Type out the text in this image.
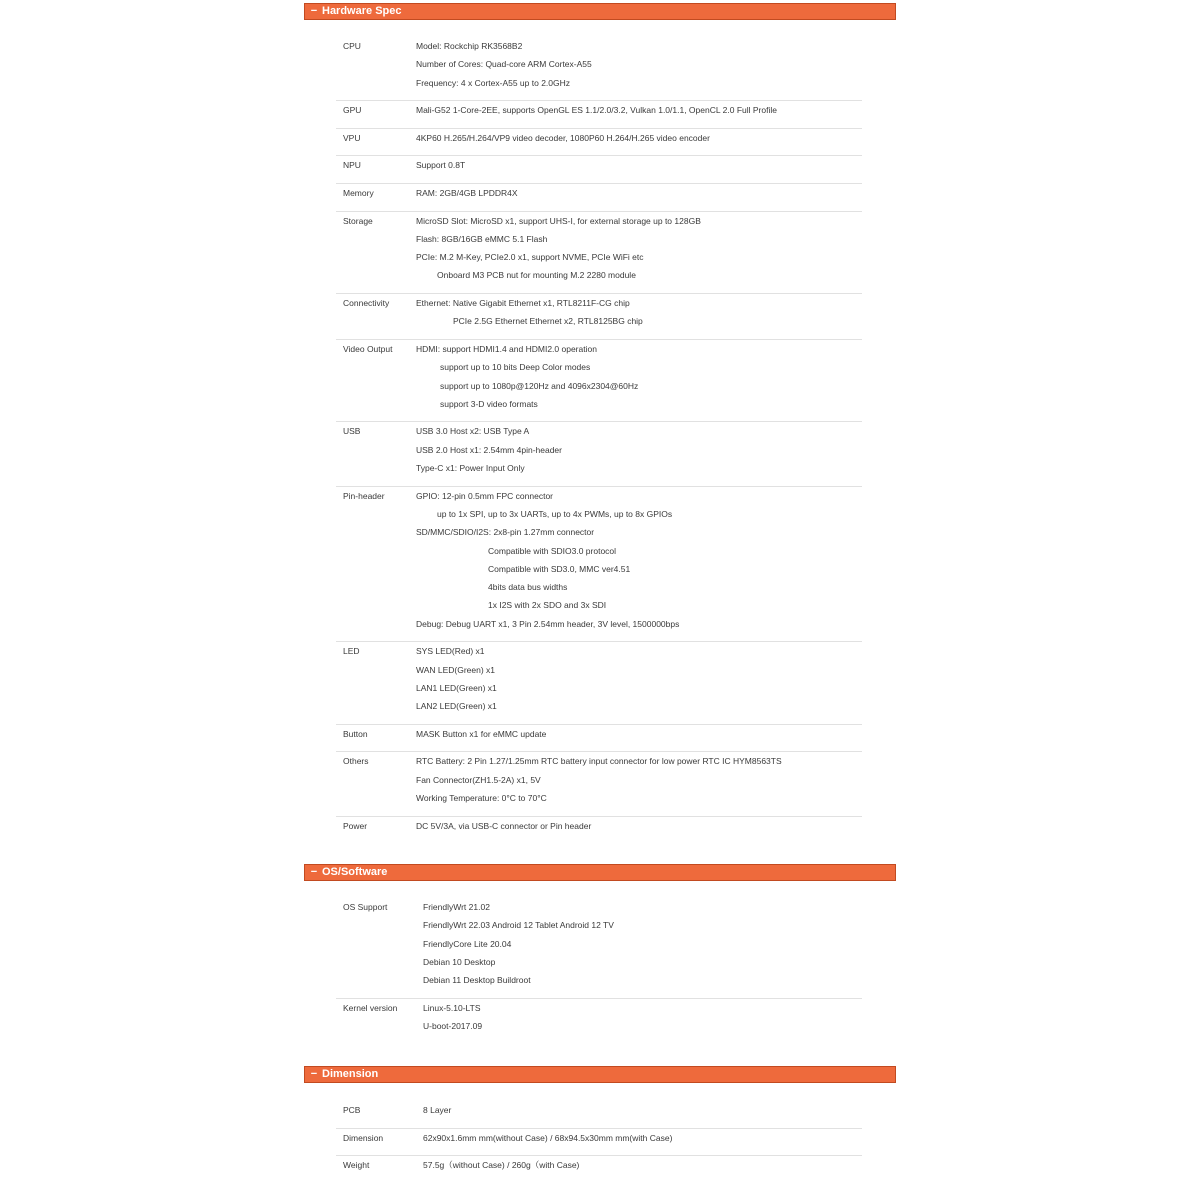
− Hardware Spec
CPU	Model: Rockchip RK3568B2
Number of Cores: Quad-core ARM Cortex-A55
Frequency: 4 x Cortex-A55 up to 2.0GHz
GPU	Mali-G52 1-Core-2EE, supports OpenGL ES 1.1/2.0/3.2, Vulkan 1.0/1.1, OpenCL 2.0 Full Profile
VPU	4KP60 H.265/H.264/VP9 video decoder, 1080P60 H.264/H.265 video encoder
NPU	Support 0.8T
Memory	RAM: 2GB/4GB LPDDR4X
Storage	MicroSD Slot: MicroSD x1, support UHS-I, for external storage up to 128GB
Flash: 8GB/16GB eMMC 5.1 Flash
PCIe: M.2 M-Key, PCIe2.0 x1, support NVME, PCIe WiFi etc
Onboard M3 PCB nut for mounting M.2 2280 module
Connectivity	Ethernet: Native Gigabit Ethernet x1, RTL8211F-CG chip
PCIe 2.5G Ethernet Ethernet x2, RTL8125BG chip
Video Output	HDMI: support HDMI1.4 and HDMI2.0 operation
support up to 10 bits Deep Color modes
support up to 1080p@120Hz and 4096x2304@60Hz
support 3-D video formats
USB	USB 3.0 Host x2: USB Type A
USB 2.0 Host x1: 2.54mm 4pin-header
Type-C x1: Power Input Only
Pin-header	GPIO: 12-pin 0.5mm FPC connector
up to 1x SPI, up to 3x UARTs, up to 4x PWMs, up to 8x GPIOs
SD/MMC/SDIO/I2S: 2x8-pin 1.27mm connector
Compatible with SDIO3.0 protocol
Compatible with SD3.0, MMC ver4.51
4bits data bus widths
1x I2S with 2x SDO and 3x SDI
Debug: Debug UART x1, 3 Pin 2.54mm header, 3V level, 1500000bps
LED	SYS LED(Red) x1
WAN LED(Green) x1
LAN1 LED(Green) x1
LAN2 LED(Green) x1
Button	MASK Button x1 for eMMC update
Others	RTC Battery: 2 Pin 1.27/1.25mm RTC battery input connector for low power RTC IC HYM8563TS
Fan Connector(ZH1.5-2A) x1, 5V
Working Temperature: 0°C to 70°C
Power	DC 5V/3A, via USB-C connector or Pin header
− OS/Software
OS Support	FriendlyWrt 21.02
FriendlyWrt 22.03 Android 12 Tablet Android 12 TV
FriendlyCore Lite 20.04
Debian 10 Desktop
Debian 11 Desktop Buildroot
Kernel version	Linux-5.10-LTS
U-boot-2017.09
− Dimension
PCB	8 Layer
Dimension	62x90x1.6mm mm(without Case) / 68x94.5x30mm mm(with Case)
Weight	57.5g（without Case) / 260g（with Case)
